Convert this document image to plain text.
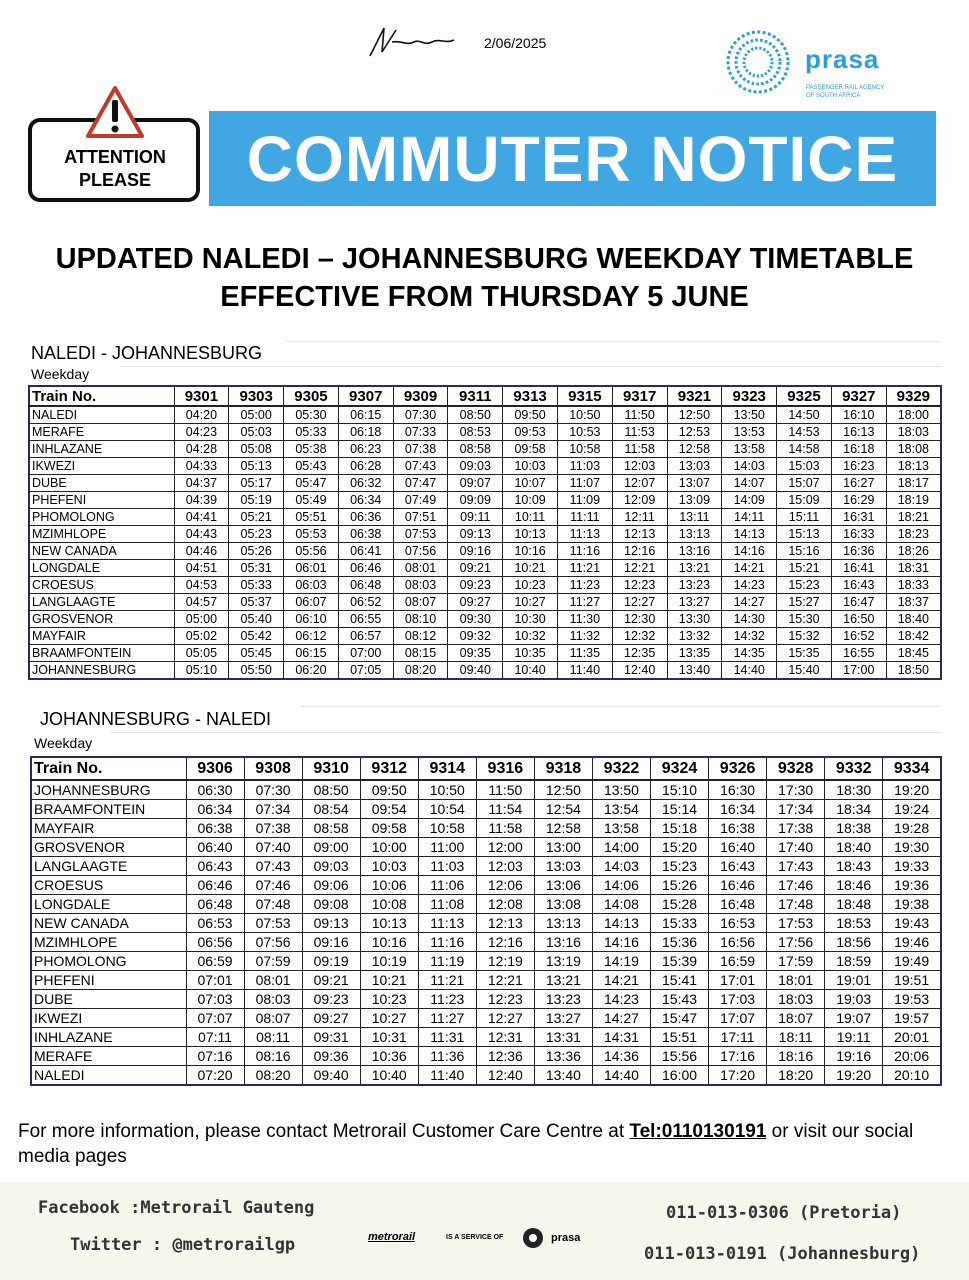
2/06/2025
prasa
PASSENGER RAIL AGENCY
OF SOUTH AFRICA
ATTENTION
PLEASE	COMMUTER NOTICE
UPDATED NALEDI – JOHANNESBURG WEEKDAY TIMETABLE
EFFECTIVE FROM THURSDAY 5 JUNE
NALEDI - JOHANNESBURG
Weekday
Train No.	9301	9303	9305	9307	9309	9311	9313	9315	9317	9321	9323	9325	9327	9329
NALEDI	04:20	05:00	05:30	06:15	07:30	08:50	09:50	10:50	11:50	12:50	13:50	14:50	16:10	18:00
MERAFE	04:23	05:03	05:33	06:18	07:33	08:53	09:53	10:53	11:53	12:53	13:53	14:53	16:13	18:03
INHLAZANE	04:28	05:08	05:38	06:23	07:38	08:58	09:58	10:58	11:58	12:58	13:58	14:58	16:18	18:08
IKWEZI	04:33	05:13	05:43	06:28	07:43	09:03	10:03	11:03	12:03	13:03	14:03	15:03	16:23	18:13
DUBE	04:37	05:17	05:47	06:32	07:47	09:07	10:07	11:07	12:07	13:07	14:07	15:07	16:27	18:17
PHEFENI	04:39	05:19	05:49	06:34	07:49	09:09	10:09	11:09	12:09	13:09	14:09	15:09	16:29	18:19
PHOMOLONG	04:41	05:21	05:51	06:36	07:51	09:11	10:11	11:11	12:11	13:11	14:11	15:11	16:31	18:21
MZIMHLOPE	04:43	05:23	05:53	06:38	07:53	09:13	10:13	11:13	12:13	13:13	14:13	15:13	16:33	18:23
NEW CANADA	04:46	05:26	05:56	06:41	07:56	09:16	10:16	11:16	12:16	13:16	14:16	15:16	16:36	18:26
LONGDALE	04:51	05:31	06:01	06:46	08:01	09:21	10:21	11:21	12:21	13:21	14:21	15:21	16:41	18:31
CROESUS	04:53	05:33	06:03	06:48	08:03	09:23	10:23	11:23	12:23	13:23	14:23	15:23	16:43	18:33
LANGLAAGTE	04:57	05:37	06:07	06:52	08:07	09:27	10:27	11:27	12:27	13:27	14:27	15:27	16:47	18:37
GROSVENOR	05:00	05:40	06:10	06:55	08:10	09:30	10:30	11:30	12:30	13:30	14:30	15:30	16:50	18:40
MAYFAIR	05:02	05:42	06:12	06:57	08:12	09:32	10:32	11:32	12:32	13:32	14:32	15:32	16:52	18:42
BRAAMFONTEIN	05:05	05:45	06:15	07:00	08:15	09:35	10:35	11:35	12:35	13:35	14:35	15:35	16:55	18:45
JOHANNESBURG	05:10	05:50	06:20	07:05	08:20	09:40	10:40	11:40	12:40	13:40	14:40	15:40	17:00	18:50
JOHANNESBURG - NALEDI
Weekday
Train No.	9306	9308	9310	9312	9314	9316	9318	9322	9324	9326	9328	9332	9334
JOHANNESBURG	06:30	07:30	08:50	09:50	10:50	11:50	12:50	13:50	15:10	16:30	17:30	18:30	19:20
BRAAMFONTEIN	06:34	07:34	08:54	09:54	10:54	11:54	12:54	13:54	15:14	16:34	17:34	18:34	19:24
MAYFAIR	06:38	07:38	08:58	09:58	10:58	11:58	12:58	13:58	15:18	16:38	17:38	18:38	19:28
GROSVENOR	06:40	07:40	09:00	10:00	11:00	12:00	13:00	14:00	15:20	16:40	17:40	18:40	19:30
LANGLAAGTE	06:43	07:43	09:03	10:03	11:03	12:03	13:03	14:03	15:23	16:43	17:43	18:43	19:33
CROESUS	06:46	07:46	09:06	10:06	11:06	12:06	13:06	14:06	15:26	16:46	17:46	18:46	19:36
LONGDALE	06:48	07:48	09:08	10:08	11:08	12:08	13:08	14:08	15:28	16:48	17:48	18:48	19:38
NEW CANADA	06:53	07:53	09:13	10:13	11:13	12:13	13:13	14:13	15:33	16:53	17:53	18:53	19:43
MZIMHLOPE	06:56	07:56	09:16	10:16	11:16	12:16	13:16	14:16	15:36	16:56	17:56	18:56	19:46
PHOMOLONG	06:59	07:59	09:19	10:19	11:19	12:19	13:19	14:19	15:39	16:59	17:59	18:59	19:49
PHEFENI	07:01	08:01	09:21	10:21	11:21	12:21	13:21	14:21	15:41	17:01	18:01	19:01	19:51
DUBE	07:03	08:03	09:23	10:23	11:23	12:23	13:23	14:23	15:43	17:03	18:03	19:03	19:53
IKWEZI	07:07	08:07	09:27	10:27	11:27	12:27	13:27	14:27	15:47	17:07	18:07	19:07	19:57
INHLAZANE	07:11	08:11	09:31	10:31	11:31	12:31	13:31	14:31	15:51	17:11	18:11	19:11	20:01
MERAFE	07:16	08:16	09:36	10:36	11:36	12:36	13:36	14:36	15:56	17:16	18:16	19:16	20:06
NALEDI	07:20	08:20	09:40	10:40	11:40	12:40	13:40	14:40	16:00	17:20	18:20	19:20	20:10
For more information, please contact Metrorail Customer Care Centre at Tel:0110130191 or visit our social media pages
Facebook :Metrorail Gauteng
Twitter : @metrorailgp
011-013-0306 (Pretoria)
011-013-0191 (Johannesburg)
metrorail	IS A SERVICE OF	prasa
